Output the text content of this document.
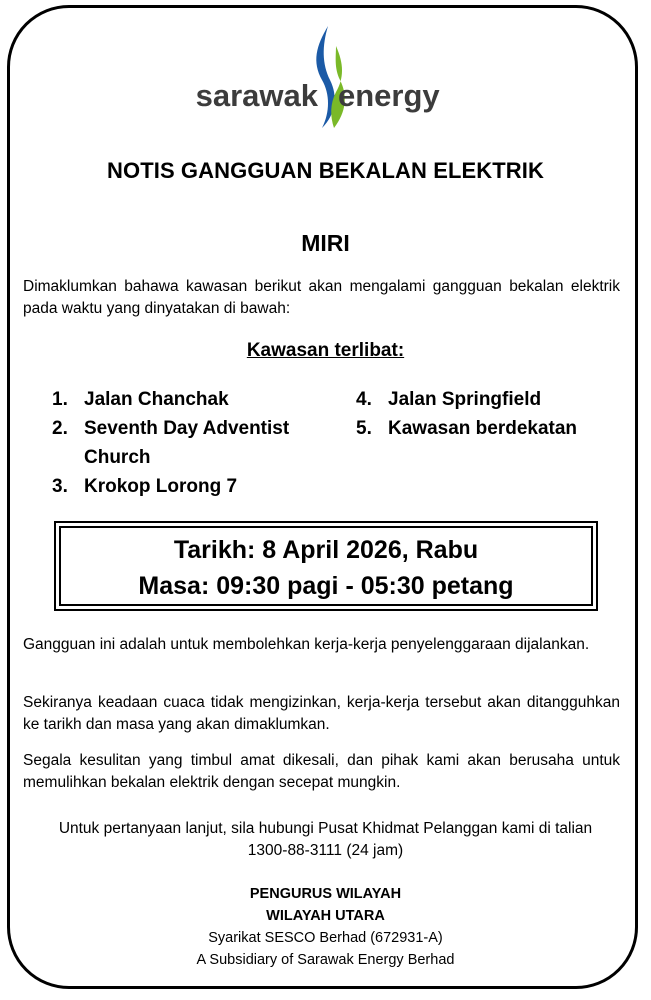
sarawak energy
NOTIS GANGGUAN BEKALAN ELEKTRIK
MIRI
Dimaklumkan bahawa kawasan berikut akan mengalami gangguan bekalan elektrik pada waktu yang dinyatakan di bawah:
Kawasan terlibat:
1. Jalan Chanchak
2. Seventh Day Adventist Church
3. Krokop Lorong 7
4. Jalan Springfield
5. Kawasan berdekatan
Tarikh: 8 April 2026, Rabu
Masa: 09:30 pagi - 05:30 petang
Gangguan ini adalah untuk membolehkan kerja-kerja penyelenggaraan dijalankan.
Sekiranya keadaan cuaca tidak mengizinkan, kerja-kerja tersebut akan ditangguhkan ke tarikh dan masa yang akan dimaklumkan.
Segala kesulitan yang timbul amat dikesali, dan pihak kami akan berusaha untuk memulihkan bekalan elektrik dengan secepat mungkin.
Untuk pertanyaan lanjut, sila hubungi Pusat Khidmat Pelanggan kami di talian 1300-88-3111 (24 jam)
PENGURUS WILAYAH
WILAYAH UTARA
Syarikat SESCO Berhad (672931-A)
A Subsidiary of Sarawak Energy Berhad
